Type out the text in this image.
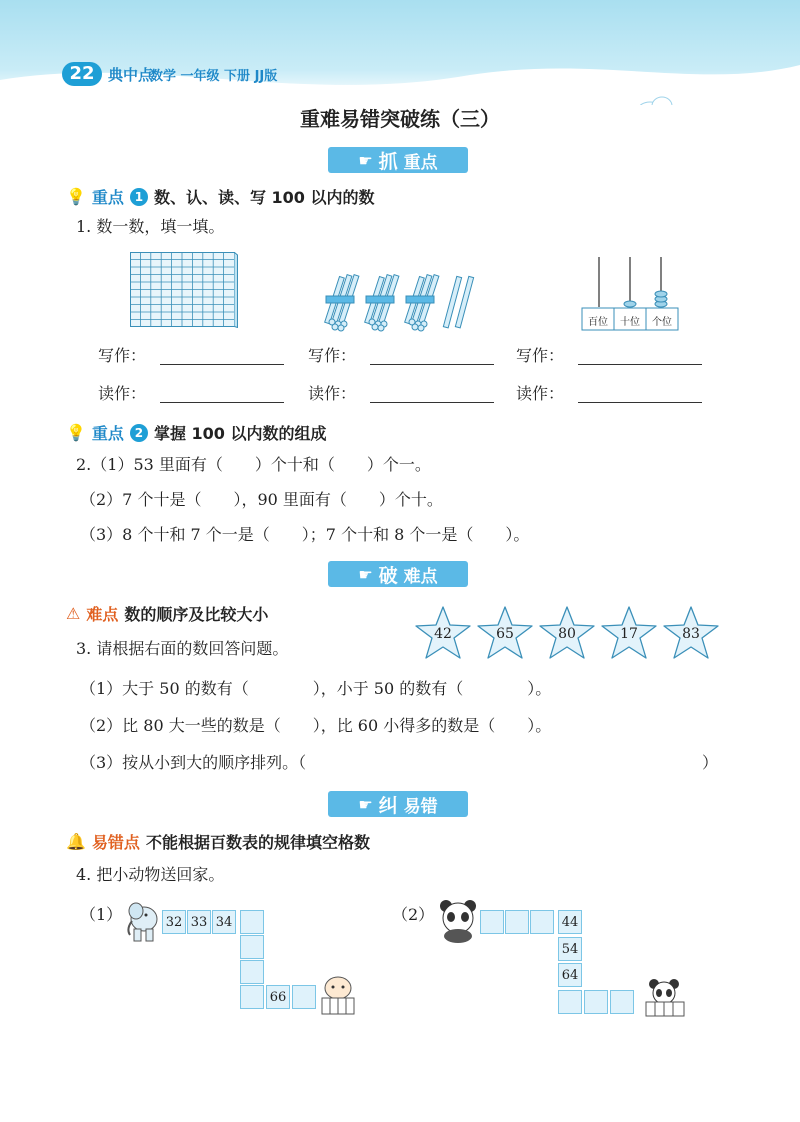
22 典中点
数学 一年级 下册 JJ版
重难易错突破练（三）
☛ 抓 重点
💡 重点 1 数、认、读、写 100 以内的数
1. 数一数，填一填。
百位	十位	个位
写作：	写作：	写作：
读作：	读作：	读作：
💡 重点 2 掌握 100 以内数的组成
2.（1）53 里面有（　　）个十和（　　）个一。
（2）7 个十是（　　），90 里面有（　　）个十。
（3）8 个十和 7 个一是（　　）；7 个十和 8 个一是（　　）。
☛ 破 难点
⚠ 难点 数的顺序及比较大小
3. 请根据右面的数回答问题。
42	65	80	17	83
（1）大于 50 的数有（　　　　），小于 50 的数有（　　　　）。
（2）比 80 大一些的数是（　　），比 60 小得多的数是（　　）。
（3）按从小到大的顺序排列。（	）
☛ 纠 易错
🔔 易错点 不能根据百数表的规律填空格数
4. 把小动物送回家。
（1）	（2）
32 33 34
66
44
54
64
